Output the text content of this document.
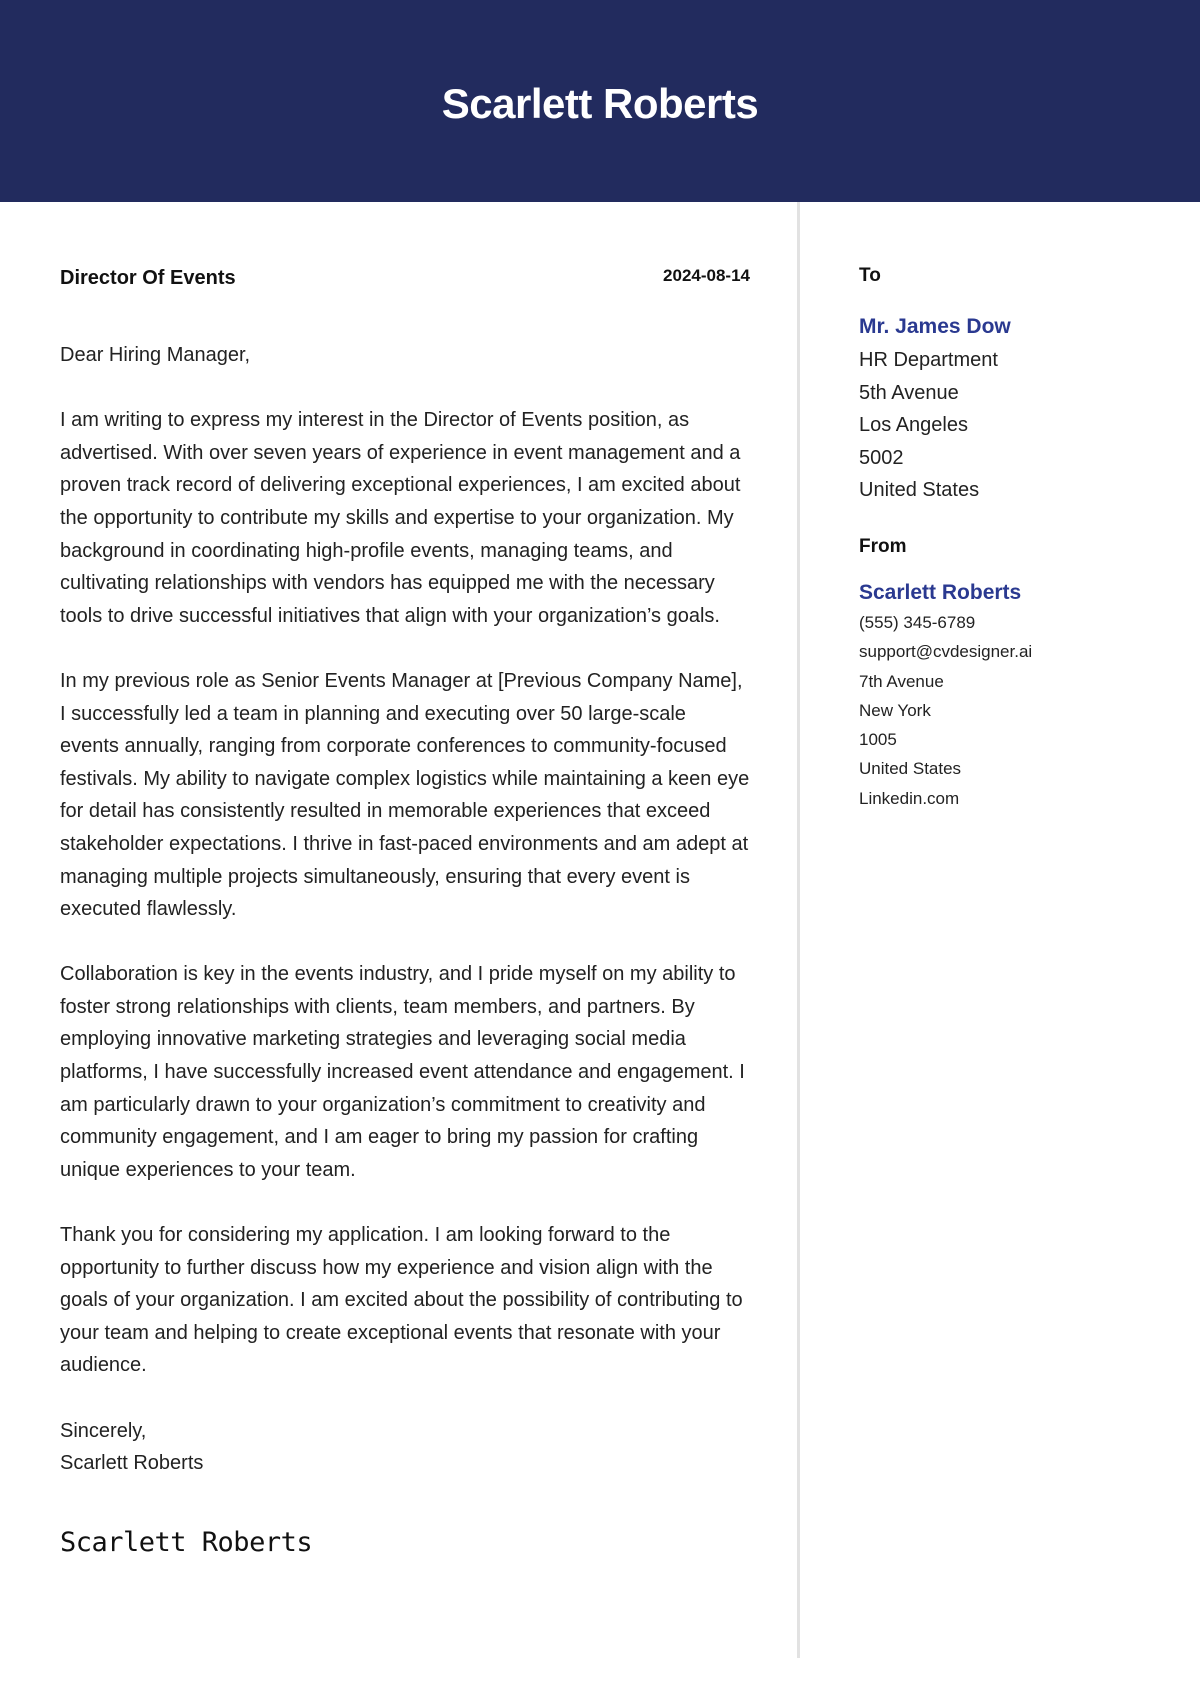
Scarlett Roberts
Director Of Events	2024-08-14

Dear Hiring Manager,

I am writing to express my interest in the Director of Events position, as advertised. With over seven years of experience in event management and a proven track record of delivering exceptional experiences, I am excited about the opportunity to contribute my skills and expertise to your organization. My background in coordinating high-profile events, managing teams, and cultivating relationships with vendors has equipped me with the necessary tools to drive successful initiatives that align with your organization’s goals.

In my previous role as Senior Events Manager at [Previous Company Name], I successfully led a team in planning and executing over 50 large-scale events annually, ranging from corporate conferences to community-focused festivals. My ability to navigate complex logistics while maintaining a keen eye for detail has consistently resulted in memorable experiences that exceed stakeholder expectations. I thrive in fast-paced environments and am adept at managing multiple projects simultaneously, ensuring that every event is executed flawlessly.

Collaboration is key in the events industry, and I pride myself on my ability to foster strong relationships with clients, team members, and partners. By employing innovative marketing strategies and leveraging social media platforms, I have successfully increased event attendance and engagement. I am particularly drawn to your organization’s commitment to creativity and community engagement, and I am eager to bring my passion for crafting unique experiences to your team.

Thank you for considering my application. I am looking forward to the opportunity to further discuss how my experience and vision align with the goals of your organization. I am excited about the possibility of contributing to your team and helping to create exceptional events that resonate with your audience.

Sincerely,
Scarlett Roberts

Scarlett Roberts
To
Mr. James Dow
HR Department
5th Avenue
Los Angeles
5002
United States
From
Scarlett Roberts
(555) 345-6789
support@cvdesigner.ai
7th Avenue
New York
1005
United States
Linkedin.com
